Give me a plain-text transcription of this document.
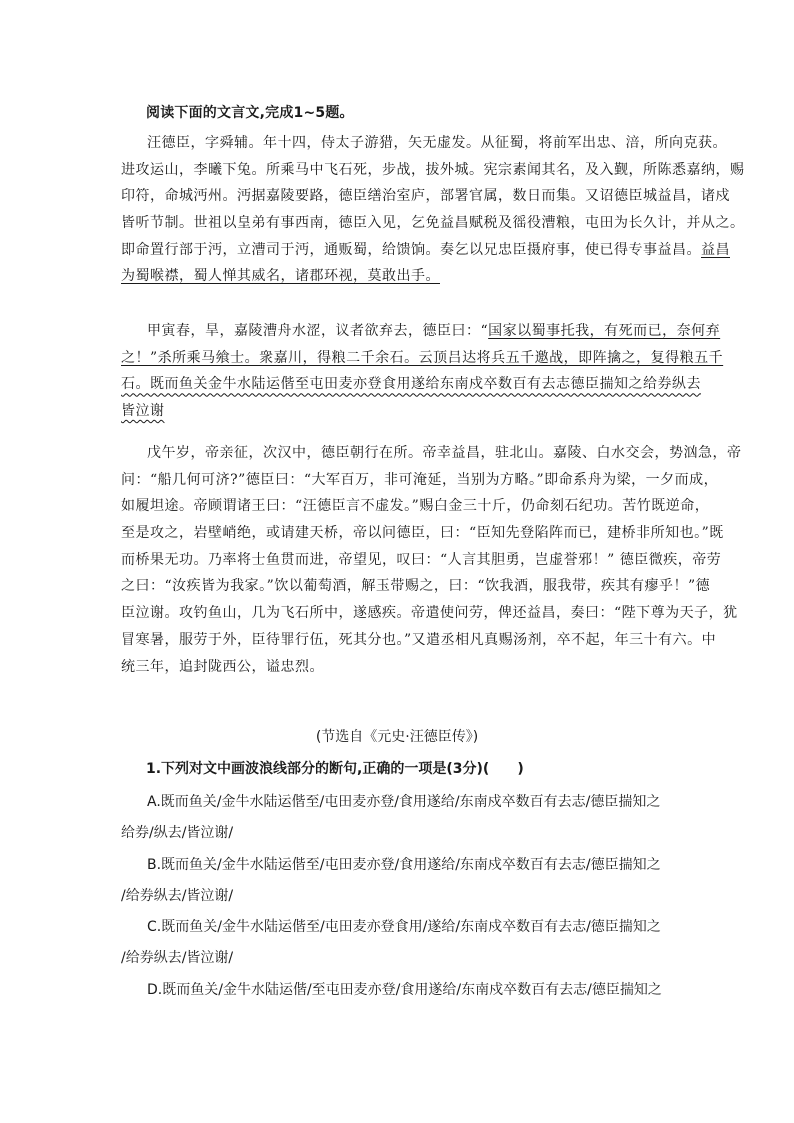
阅读下面的文言文,完成1~5题。
汪德臣，字舜辅。年十四，侍太子游猎，矢无虚发。从征蜀，将前军出忠、涪，所向克获。
进攻运山，李曦下兔。所乘马中飞石死，步战，拔外城。宪宗素闻其名，及入觐，所陈悉嘉纳，赐
印符，命城沔州。沔据嘉陵要路，德臣缮治室庐，部署官属，数日而集。又诏德臣城益昌，诸戍
皆听节制。世祖以皇弟有事西南，德臣入见，乞免益昌赋税及徭役漕粮，屯田为长久计，并从之。
即命置行部于沔，立漕司于沔，通贩蜀，给馈饷。奏乞以兄忠臣摄府事，使已得专事益昌。益昌
为蜀喉襟，蜀人惮其威名，诸郡环视，莫敢出手。
甲寅春，旱，嘉陵漕舟水涩，议者欲弃去，德臣曰：“国家以蜀事托我，有死而已，奈何弃
之！”杀所乘马飨士。衆嘉川，得粮二千余石。云顶吕达将兵五千邀战，即阵擒之，复得粮五千
石。既而鱼关金牛水陆运偕至屯田麦亦登食用遂给东南戍卒数百有去志德臣揣知之给券纵去
皆泣谢
戊午岁，帝亲征，次汉中，德臣朝行在所。帝幸益昌，驻北山。嘉陵、白水交会，势汹急，帝
问：“船几何可济?”德臣曰：“大军百万，非可淹延，当别为方略。”即命系舟为梁，一夕而成，
如履坦途。帝顾谓诸王曰：“汪德臣言不虚发。”赐白金三十斤，仍命刻石纪功。苦竹既逆命，
至是攻之，岩壁峭绝，或请建天桥，帝以问德臣，曰：“臣知先登陷阵而已，建桥非所知也。”既
而桥果无功。乃率将士鱼贯而进，帝望见，叹曰：“人言其胆勇，岂虚誉邪！” 德臣微疾，帝劳
之曰：“汝疾皆为我家。”饮以葡萄酒，解玉带赐之，曰：“饮我酒，服我带，疾其有瘳乎！”德
臣泣谢。攻钓鱼山，几为飞石所中，遂感疾。帝遣使问劳，俾还益昌，奏曰：“陛下尊为天子，犹
冒寒暑，服劳于外，臣待罪行伍，死其分也。”又遣丞相凡真赐汤剂，卒不起，年三十有六。中
统三年，追封陇西公，谥忠烈。
(节选自《元史·汪德臣传》)
1.下列对文中画波浪线部分的断句,正确的一项是(3分)(　　)
A.既而鱼关/金牛水陆运偕至/屯田麦亦登/食用遂给/东南戍卒数百有去志/德臣揣知之
给券/纵去/皆泣谢/
B.既而鱼关/金牛水陆运偕至/屯田麦亦登/食用遂给/东南戍卒数百有去志/德臣揣知之
/给券纵去/皆泣谢/
C.既而鱼关/金牛水陆运偕至/屯田麦亦登食用/遂给/东南戍卒数百有去志/德臣揣知之
/给券纵去/皆泣谢/
D.既而鱼关/金牛水陆运偕/至屯田麦亦登/食用遂给/东南戍卒数百有去志/德臣揣知之
